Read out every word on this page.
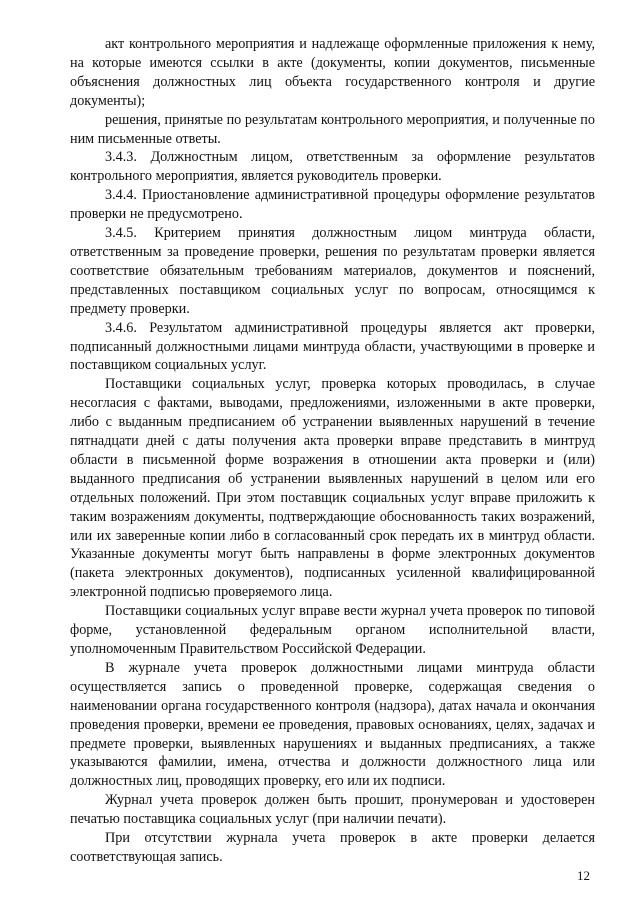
акт контрольного мероприятия и надлежаще оформленные приложения к нему, на которые имеются ссылки в акте (документы, копии документов, письменные объяснения должностных лиц объекта государственного контроля и другие документы);

решения, принятые по результатам контрольного мероприятия, и полученные по ним письменные ответы.

3.4.3. Должностным лицом, ответственным за оформление результатов контрольного мероприятия, является руководитель проверки.

3.4.4. Приостановление административной процедуры оформление результатов проверки не предусмотрено.

3.4.5. Критерием принятия должностным лицом минтруда области, ответственным за проведение проверки, решения по результатам проверки является соответствие обязательным требованиям материалов, документов и пояснений, представленных поставщиком социальных услуг по вопросам, относящимся к предмету проверки.

3.4.6. Результатом административной процедуры является акт проверки, подписанный должностными лицами минтруда области, участвующими в проверке и поставщиком социальных услуг.

Поставщики социальных услуг, проверка которых проводилась, в случае несогласия с фактами, выводами, предложениями, изложенными в акте проверки, либо с выданным предписанием об устранении выявленных нарушений в течение пятнадцати дней с даты получения акта проверки вправе представить в минтруд области в письменной форме возражения в отношении акта проверки и (или) выданного предписания об устранении выявленных нарушений в целом или его отдельных положений. При этом поставщик социальных услуг вправе приложить к таким возражениям документы, подтверждающие обоснованность таких возражений, или их заверенные копии либо в согласованный срок передать их в минтруд области. Указанные документы могут быть направлены в форме электронных документов (пакета электронных документов), подписанных усиленной квалифицированной электронной подписью проверяемого лица.

Поставщики социальных услуг вправе вести журнал учета проверок по типовой форме, установленной федеральным органом исполнительной власти, уполномоченным Правительством Российской Федерации.

В журнале учета проверок должностными лицами минтруда области осуществляется запись о проведенной проверке, содержащая сведения о наименовании органа государственного контроля (надзора), датах начала и окончания проведения проверки, времени ее проведения, правовых основаниях, целях, задачах и предмете проверки, выявленных нарушениях и выданных предписаниях, а также указываются фамилии, имена, отчества и должности должностного лица или должностных лиц, проводящих проверку, его или их подписи.

Журнал учета проверок должен быть прошит, пронумерован и удостоверен печатью поставщика социальных услуг (при наличии печати).

При отсутствии журнала учета проверок в акте проверки делается соответствующая запись.

12
